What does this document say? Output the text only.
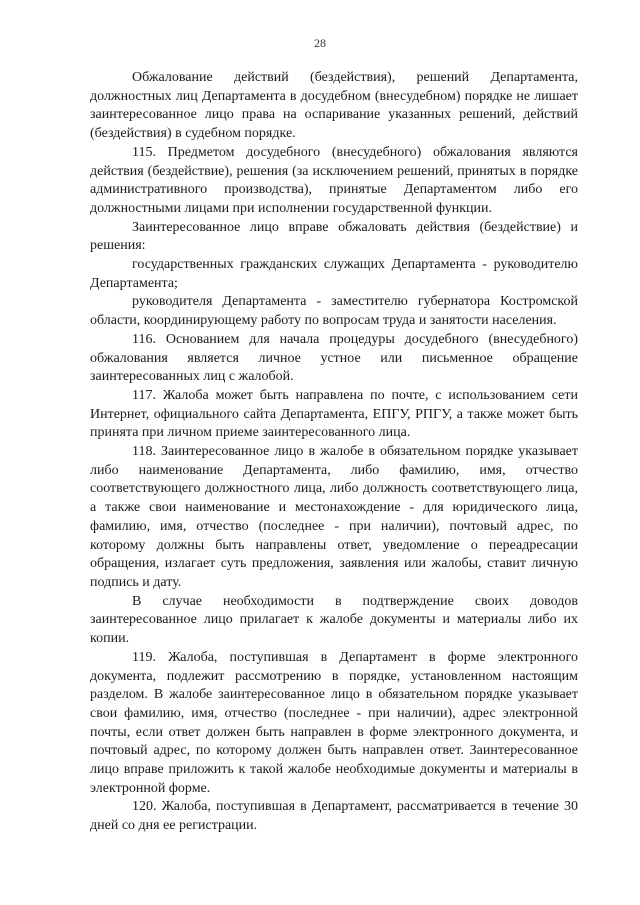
28

Обжалование действий (бездействия), решений Департамента, должностных лиц Департамента в досудебном (внесудебном) порядке не лишает заинтересованное лицо права на оспаривание указанных решений, действий (бездействия) в судебном порядке.

115. Предметом досудебного (внесудебного) обжалования являются действия (бездействие), решения (за исключением решений, принятых в порядке административного производства), принятые Департаментом либо его должностными лицами при исполнении государственной функции.

Заинтересованное лицо вправе обжаловать действия (бездействие) и решения:

государственных гражданских служащих Департамента - руководителю Департамента;

руководителя Департамента - заместителю губернатора Костромской области, координирующему работу по вопросам труда и занятости населения.

116. Основанием для начала процедуры досудебного (внесудебного) обжалования является личное устное или письменное обращение заинтересованных лиц с жалобой.

117. Жалоба может быть направлена по почте, с использованием сети Интернет, официального сайта Департамента, ЕПГУ, РПГУ, а также может быть принята при личном приеме заинтересованного лица.

118. Заинтересованное лицо в жалобе в обязательном порядке указывает либо наименование Департамента, либо фамилию, имя, отчество соответствующего должностного лица, либо должность соответствующего лица, а также свои наименование и местонахождение - для юридического лица, фамилию, имя, отчество (последнее - при наличии), почтовый адрес, по которому должны быть направлены ответ, уведомление о переадресации обращения, излагает суть предложения, заявления или жалобы, ставит личную подпись и дату.

В случае необходимости в подтверждение своих доводов заинтересованное лицо прилагает к жалобе документы и материалы либо их копии.

119. Жалоба, поступившая в Департамент в форме электронного документа, подлежит рассмотрению в порядке, установленном настоящим разделом. В жалобе заинтересованное лицо в обязательном порядке указывает свои фамилию, имя, отчество (последнее - при наличии), адрес электронной почты, если ответ должен быть направлен в форме электронного документа, и почтовый адрес, по которому должен быть направлен ответ. Заинтересованное лицо вправе приложить к такой жалобе необходимые документы и материалы в электронной форме.

120. Жалоба, поступившая в Департамент, рассматривается в течение 30 дней со дня ее регистрации.
